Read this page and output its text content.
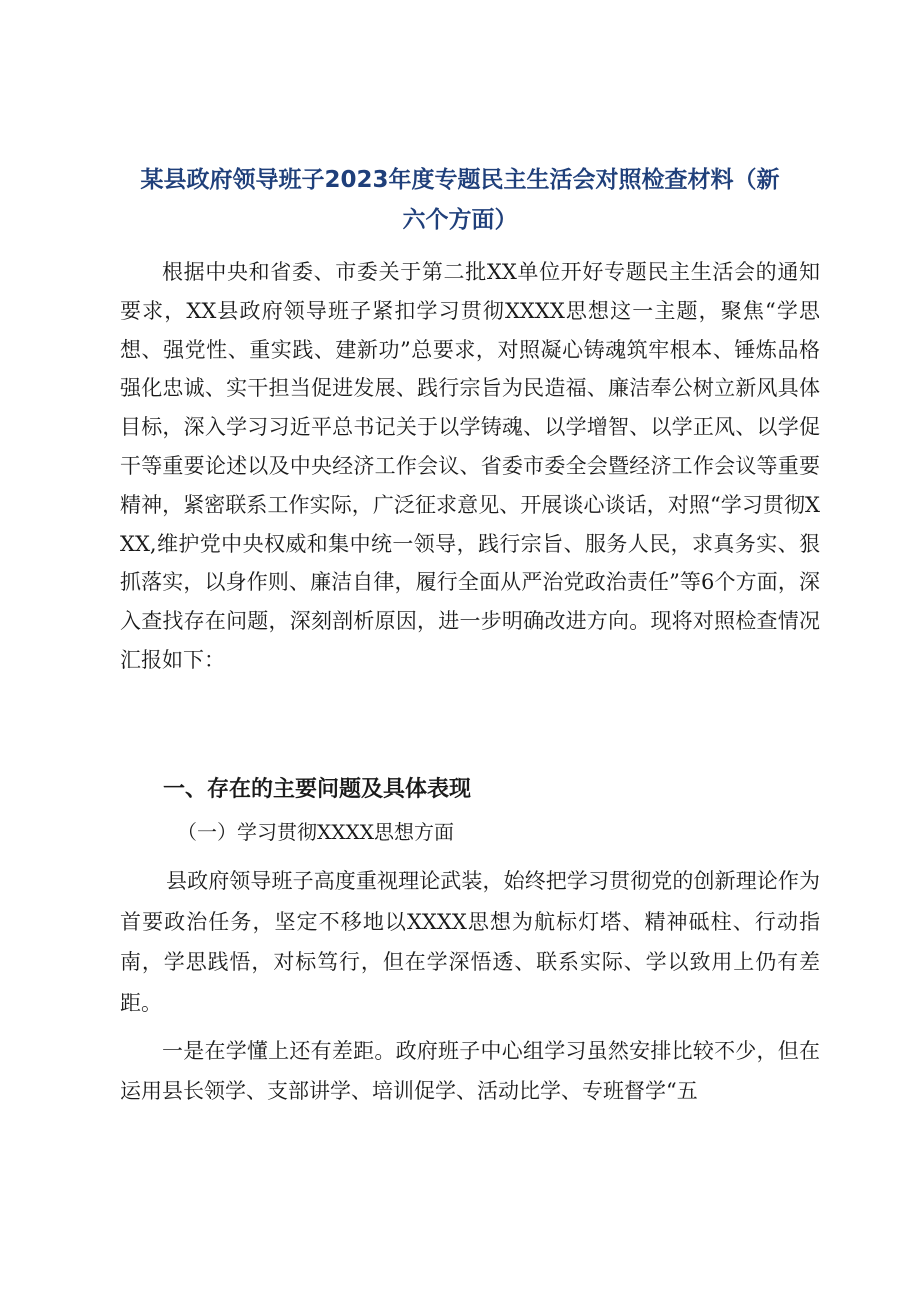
某县政府领导班子2023年度专题民主生活会对照检查材料（新六个方面）
根据中央和省委、市委关于第二批XX单位开好专题民主生活会的通知要求，XX县政府领导班子紧扣学习贯彻XXXX思想这一主题，聚焦“学思想、强党性、重实践、建新功”总要求，对照凝心铸魂筑牢根本、锤炼品格强化忠诚、实干担当促进发展、践行宗旨为民造福、廉洁奉公树立新风具体目标，深入学习习近平总书记关于以学铸魂、以学增智、以学正风、以学促干等重要论述以及中央经济工作会议、省委市委全会暨经济工作会议等重要精神，紧密联系工作实际，广泛征求意见、开展谈心谈话，对照“学习贯彻XXX,维护党中央权威和集中统一领导，践行宗旨、服务人民，求真务实、狠抓落实，以身作则、廉洁自律，履行全面从严治党政治责任”等6个方面，深入查找存在问题，深刻剖析原因，进一步明确改进方向。现将对照检查情况汇报如下：
一、存在的主要问题及具体表现
（一）学习贯彻XXXX思想方面
县政府领导班子高度重视理论武装，始终把学习贯彻党的创新理论作为首要政治任务，坚定不移地以XXXX思想为航标灯塔、精神砥柱、行动指南，学思践悟，对标笃行，但在学深悟透、联系实际、学以致用上仍有差距。
一是在学懂上还有差距。政府班子中心组学习虽然安排比较不少，但在运用县长领学、支部讲学、培训促学、活动比学、专班督学“五
